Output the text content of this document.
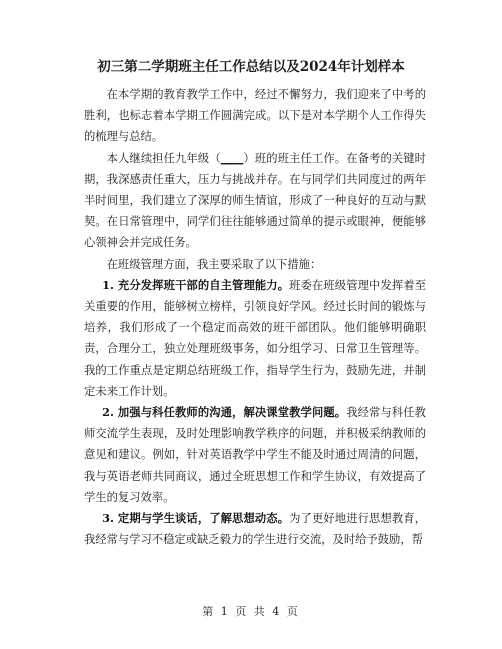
初三第二学期班主任工作总结以及2024年计划样本

在本学期的教育教学工作中，经过不懈努力，我们迎来了中考的胜利，也标志着本学期工作圆满完成。以下是对本学期个人工作得失的梳理与总结。

本人继续担任九年级（____）班的班主任工作。在备考的关键时期，我深感责任重大，压力与挑战并存。在与同学们共同度过的两年半时间里，我们建立了深厚的师生情谊，形成了一种良好的互动与默契。在日常管理中，同学们往往能够通过简单的提示或眼神，便能够心领神会并完成任务。

在班级管理方面，我主要采取了以下措施：

1. 充分发挥班干部的自主管理能力。班委在班级管理中发挥着至关重要的作用，能够树立榜样，引领良好学风。经过长时间的锻炼与培养，我们形成了一个稳定而高效的班干部团队。他们能够明确职责，合理分工，独立处理班级事务，如分组学习、日常卫生管理等。我的工作重点是定期总结班级工作，指导学生行为，鼓励先进，并制定未来工作计划。

2. 加强与科任教师的沟通，解决课堂教学问题。我经常与科任教师交流学生表现，及时处理影响教学秩序的问题，并积极采纳教师的意见和建议。例如，针对英语教学中学生不能及时通过周清的问题，我与英语老师共同商议，通过全班思想工作和学生协议，有效提高了学生的复习效率。

3. 定期与学生谈话，了解思想动态。为了更好地进行思想教育，我经常与学习不稳定或缺乏毅力的学生进行交流，及时给予鼓励，帮

第 1 页 共 4 页
